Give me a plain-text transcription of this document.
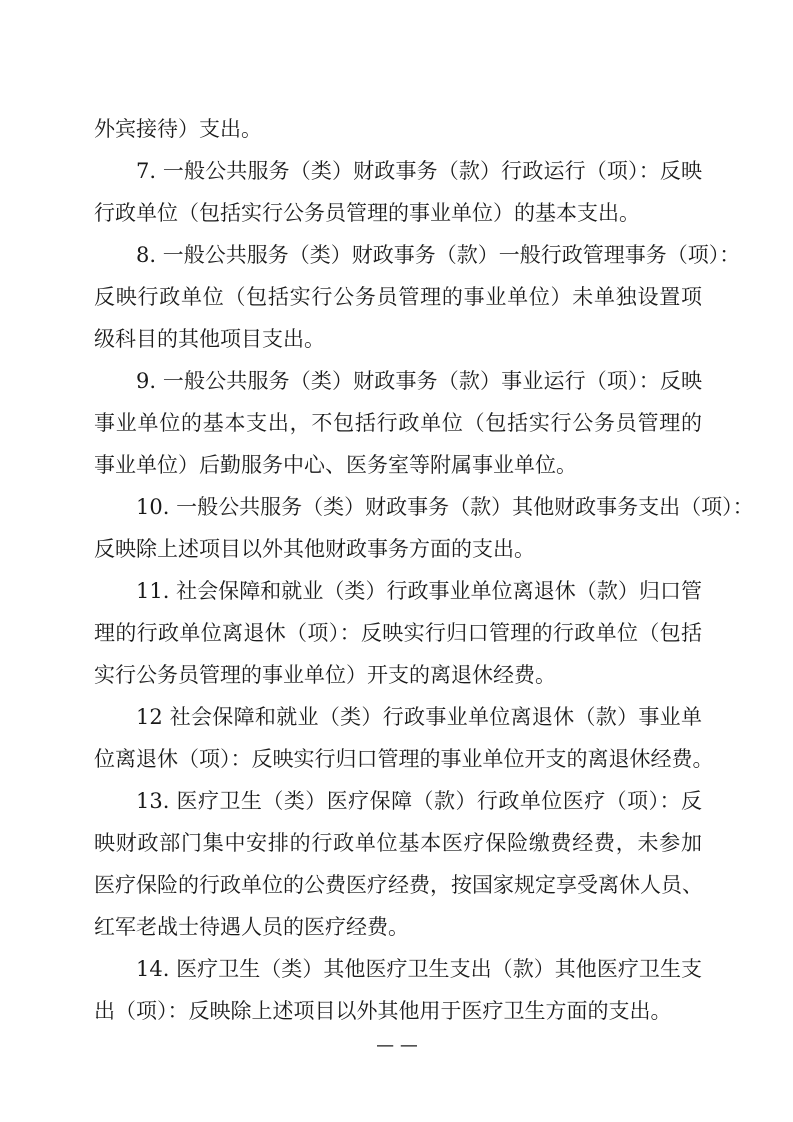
外宾接待）支出。
7. 一般公共服务（类）财政事务（款）行政运行（项）：反映
行政单位（包括实行公务员管理的事业单位）的基本支出。
8. 一般公共服务（类）财政事务（款）一般行政管理事务（项）：
反映行政单位（包括实行公务员管理的事业单位）未单独设置项
级科目的其他项目支出。
9. 一般公共服务（类）财政事务（款）事业运行（项）：反映
事业单位的基本支出，不包括行政单位（包括实行公务员管理的
事业单位）后勤服务中心、医务室等附属事业单位。
10. 一般公共服务（类）财政事务（款）其他财政事务支出（项）：
反映除上述项目以外其他财政事务方面的支出。
11. 社会保障和就业（类）行政事业单位离退休（款）归口管
理的行政单位离退休（项）：反映实行归口管理的行政单位（包括
实行公务员管理的事业单位）开支的离退休经费。
12 社会保障和就业（类）行政事业单位离退休（款）事业单
位离退休（项）：反映实行归口管理的事业单位开支的离退休经费。
13. 医疗卫生（类）医疗保障（款）行政单位医疗（项）：反
映财政部门集中安排的行政单位基本医疗保险缴费经费，未参加
医疗保险的行政单位的公费医疗经费，按国家规定享受离休人员、
红军老战士待遇人员的医疗经费。
14. 医疗卫生（类）其他医疗卫生支出（款）其他医疗卫生支
出（项）：反映除上述项目以外其他用于医疗卫生方面的支出。
— —
